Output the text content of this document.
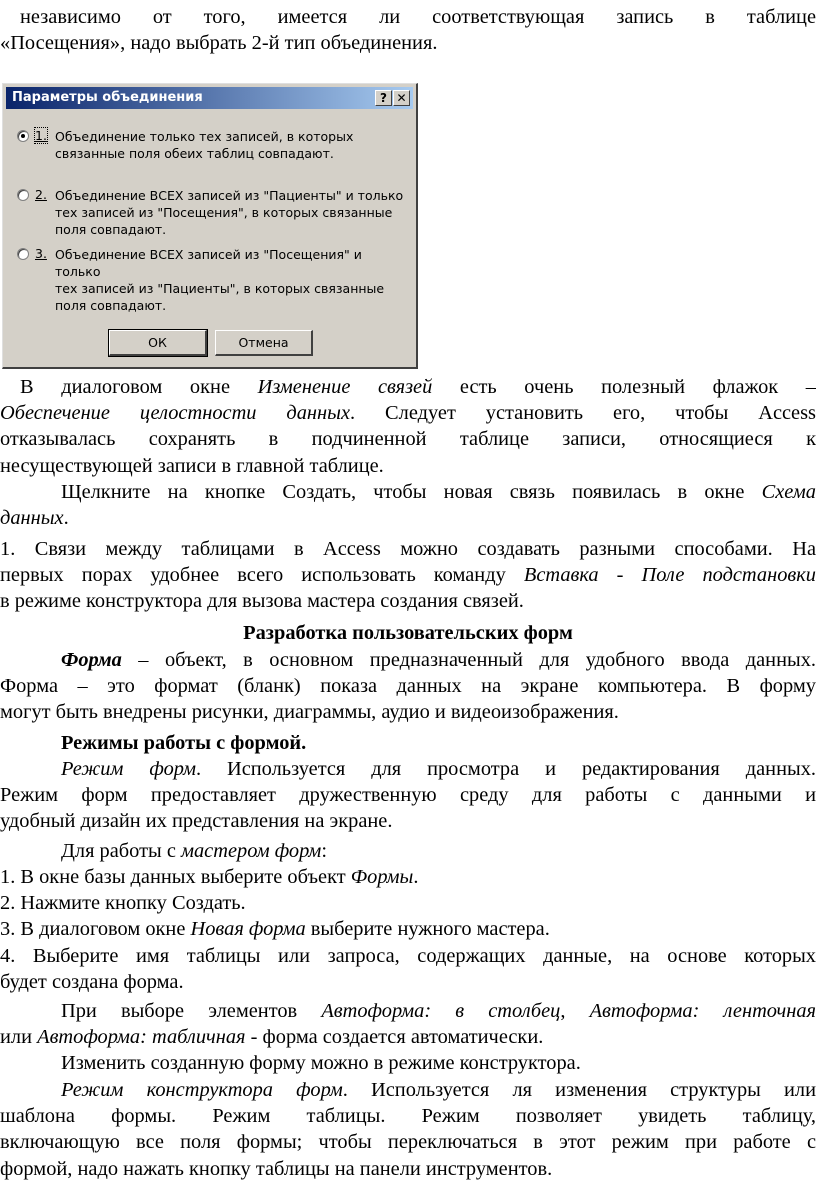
независимо от того, имеется ли соответствующая запись в таблице
«Посещения», надо выбрать 2-й тип объединения.

Параметры объединения	? ✕
1. Объединение только тех записей, в которых
связанные поля обеих таблиц совпадают.
2. Объединение ВСЕХ записей из "Пациенты" и только
тех записей из "Посещения", в которых связанные
поля совпадают.
3. Объединение ВСЕХ записей из "Посещения" и только
тех записей из "Пациенты", в которых связанные
поля совпадают.
ОК	Отмена

В диалоговом окне Изменение связей есть очень полезный флажок –
Обеспечение целостности данных. Следует установить его, чтобы Access
отказывалась сохранять в подчиненной таблице записи, относящиеся к
несуществующей записи в главной таблице.

Щелкните на кнопке Создать, чтобы новая связь появилась в окне Схема
данных.

1. Связи между таблицами в Access можно создавать разными способами. На
первых порах удобнее всего использовать команду Вставка - Поле подстановки
в режиме конструктора для вызова мастера создания связей.

Разработка пользовательских форм

Форма – объект, в основном предназначенный для удобного ввода данных.
Форма – это формат (бланк) показа данных на экране компьютера. В форму
могут быть внедрены рисунки, диаграммы, аудио и видеоизображения.

Режимы работы с формой.

Режим форм. Используется для просмотра и редактирования данных.
Режим форм предоставляет дружественную среду для работы с данными и
удобный дизайн их представления на экране.

Для работы с мастером форм:

1. В окне базы данных выберите объект Формы.
2. Нажмите кнопку Создать.
3. В диалоговом окне Новая форма выберите нужного мастера.

4. Выберите имя таблицы или запроса, содержащих данные, на основе которых
будет создана форма.

При выборе элементов Автоформа: в столбец, Автоформа: ленточная
или Автоформа: табличная - форма создается автоматически.

Изменить созданную форму можно в режиме конструктора.

Режим конструктора форм. Используется ля изменения структуры или
шаблона формы. Режим таблицы. Режим позволяет увидеть таблицу,
включающую все поля формы; чтобы переключаться в этот режим при работе с
формой, надо нажать кнопку таблицы на панели инструментов.
